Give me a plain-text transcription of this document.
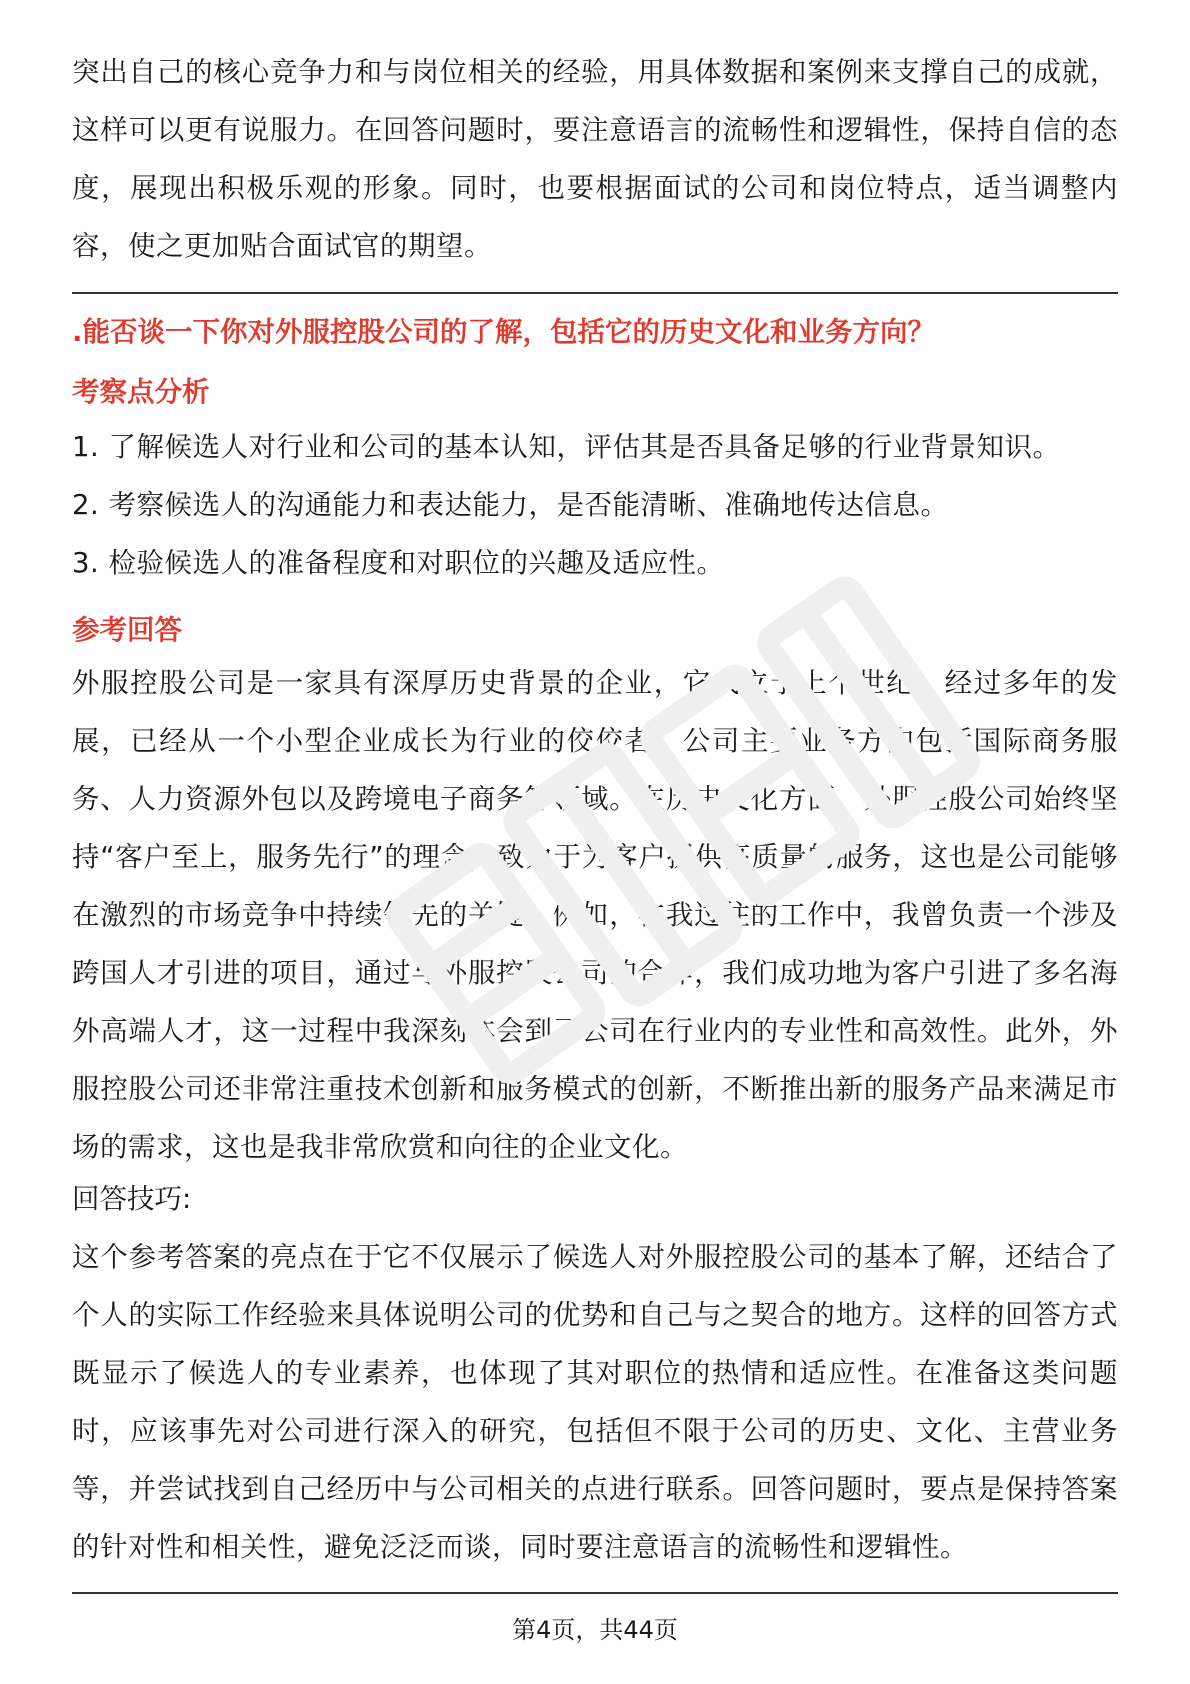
突出自己的核心竞争力和与岗位相关的经验，用具体数据和案例来支撑自己的成就，这样可以更有说服力。在回答问题时，要注意语言的流畅性和逻辑性，保持自信的态度，展现出积极乐观的形象。同时，也要根据面试的公司和岗位特点，适当调整内容，使之更加贴合面试官的期望。

.能否谈一下你对外服控股公司的了解，包括它的历史文化和业务方向？

考察点分析

1. 了解候选人对行业和公司的基本认知，评估其是否具备足够的行业背景知识。
2. 考察候选人的沟通能力和表达能力，是否能清晰、准确地传达信息。
3. 检验候选人的准备程度和对职位的兴趣及适应性。

参考回答

外服控股公司是一家具有深厚历史背景的企业，它成立于上个世纪，经过多年的发展，已经从一个小型企业成长为行业的佼佼者。公司主要业务方向包括国际商务服务、人力资源外包以及跨境电子商务等领域。在历史文化方面，外服控股公司始终坚持“客户至上，服务先行”的理念，致力于为客户提供高质量的服务，这也是公司能够在激烈的市场竞争中持续领先的关键。例如，在我过往的工作中，我曾负责一个涉及跨国人才引进的项目，通过与外服控股公司的合作，我们成功地为客户引进了多名海外高端人才，这一过程中我深刻体会到了公司在行业内的专业性和高效性。此外，外服控股公司还非常注重技术创新和服务模式的创新，不断推出新的服务产品来满足市场的需求，这也是我非常欣赏和向往的企业文化。

回答技巧:

这个参考答案的亮点在于它不仅展示了候选人对外服控股公司的基本了解，还结合了个人的实际工作经验来具体说明公司的优势和自己与之契合的地方。这样的回答方式既显示了候选人的专业素养，也体现了其对职位的热情和适应性。在准备这类问题时，应该事先对公司进行深入的研究，包括但不限于公司的历史、文化、主营业务等，并尝试找到自己经历中与公司相关的点进行联系。回答问题时，要点是保持答案的针对性和相关性，避免泛泛而谈，同时要注意语言的流畅性和逻辑性。

第4页，共44页
